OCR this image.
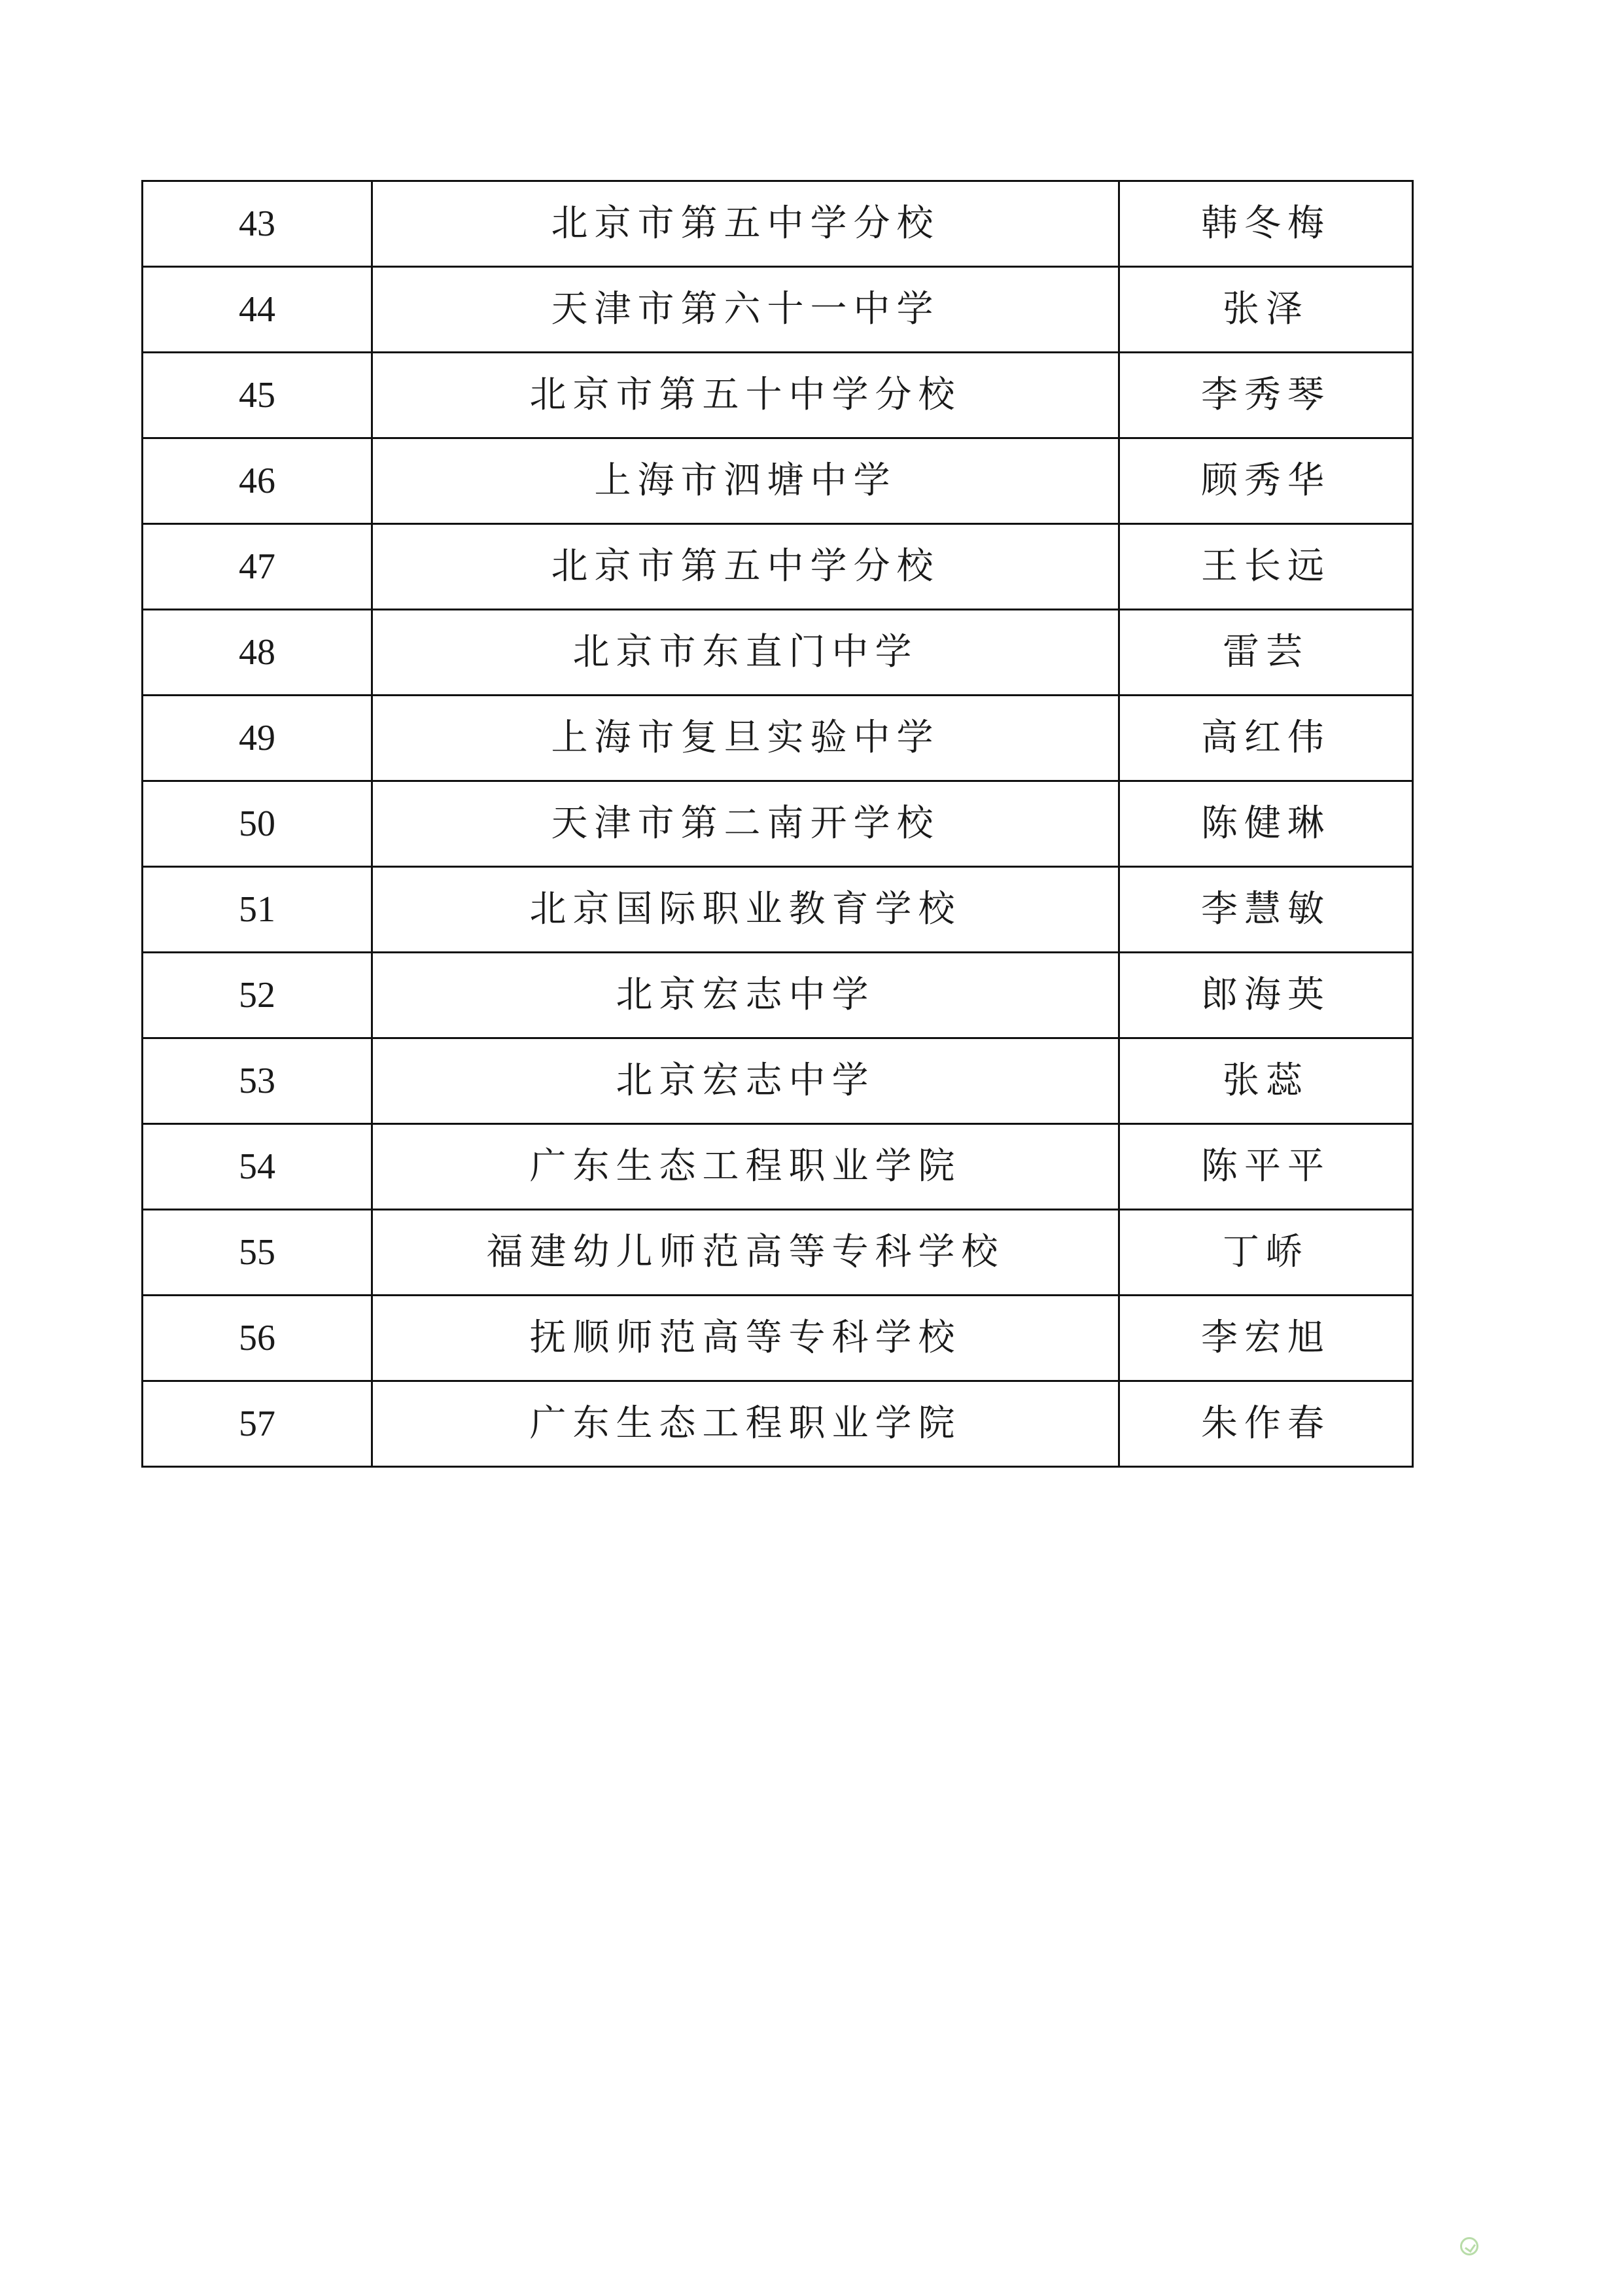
43	北京市第五中学分校	韩冬梅
44	天津市第六十一中学	张泽
45	北京市第五十中学分校	李秀琴
46	上海市泗塘中学	顾秀华
47	北京市第五中学分校	王长远
48	北京市东直门中学	雷芸
49	上海市复旦实验中学	高红伟
50	天津市第二南开学校	陈健琳
51	北京国际职业教育学校	李慧敏
52	北京宏志中学	郎海英
53	北京宏志中学	张蕊
54	广东生态工程职业学院	陈平平
55	福建幼儿师范高等专科学校	丁峤
56	抚顺师范高等专科学校	李宏旭
57	广东生态工程职业学院	朱作春
